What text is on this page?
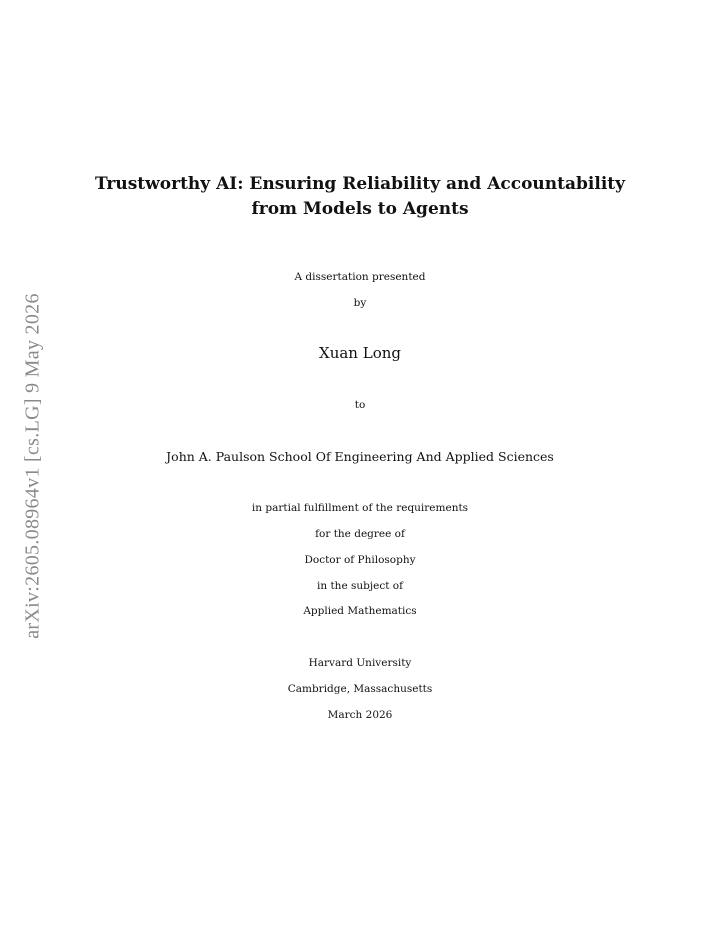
arXiv:2605.08964v1 [cs.LG] 9 May 2026
Trustworthy AI: Ensuring Reliability and Accountability
from Models to Agents
A dissertation presented
by
Xuan Long
to
John A. Paulson School Of Engineering And Applied Sciences
in partial fulfillment of the requirements
for the degree of
Doctor of Philosophy
in the subject of
Applied Mathematics
Harvard University
Cambridge, Massachusetts
March 2026
